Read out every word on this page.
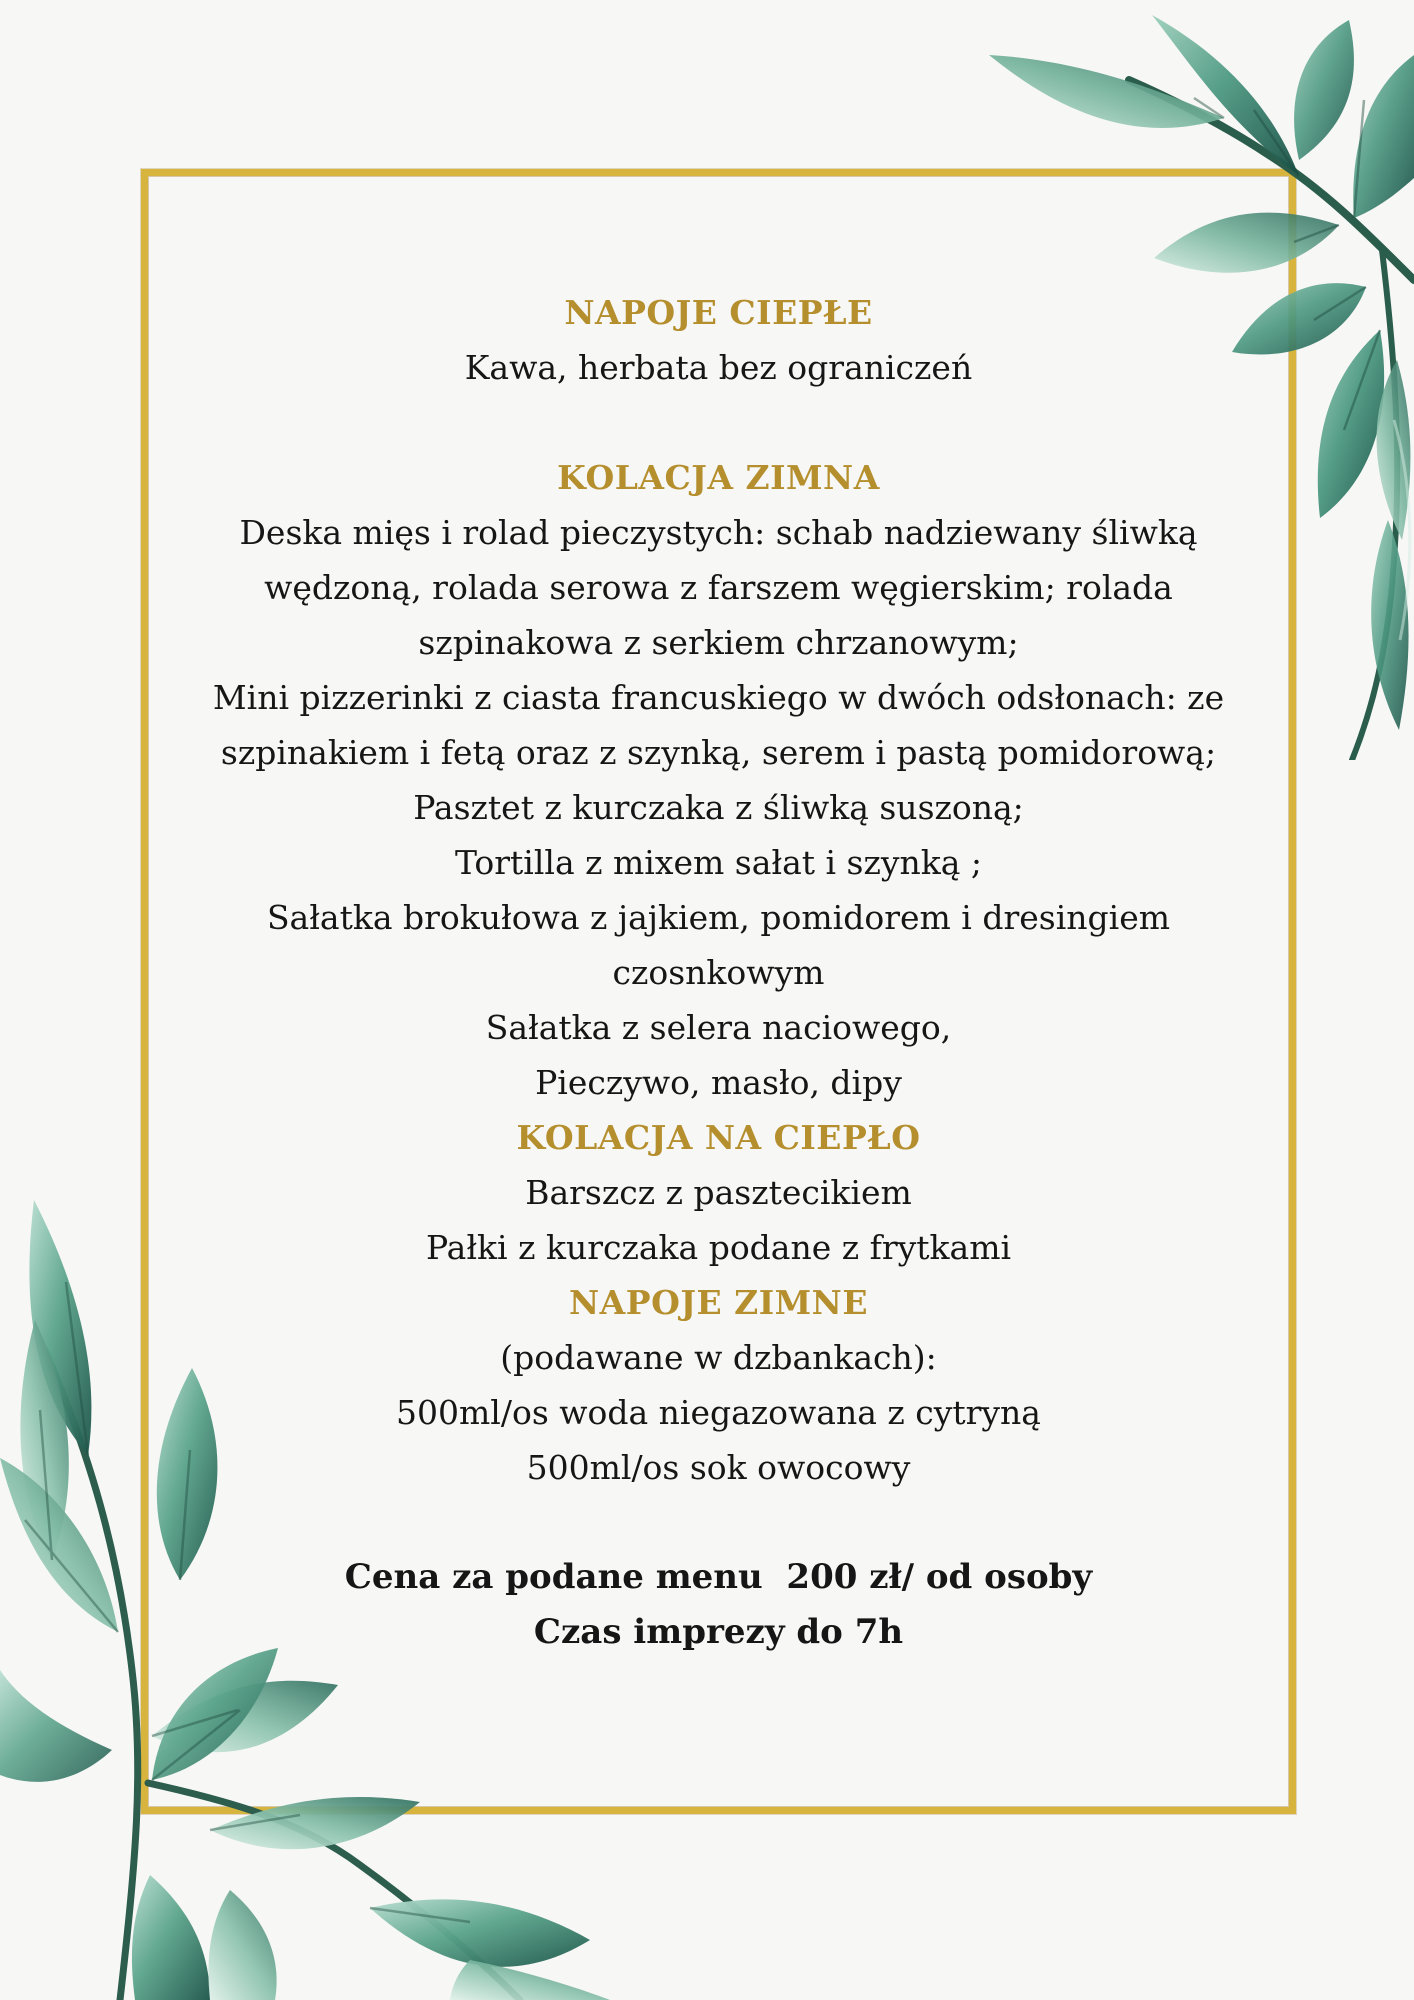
NAPOJE CIEPŁE
Kawa, herbata bez ograniczeń
KOLACJA ZIMNA
Deska mięs i rolad pieczystych: schab nadziewany śliwką
wędzoną, rolada serowa z farszem węgierskim; rolada
szpinakowa z serkiem chrzanowym;
Mini pizzerinki z ciasta francuskiego w dwóch odsłonach: ze
szpinakiem i fetą oraz z szynką, serem i pastą pomidorową;
Pasztet z kurczaka z śliwką suszoną;
Tortilla z mixem sałat i szynką ;
Sałatka brokułowa z jajkiem, pomidorem i dresingiem
czosnkowym
Sałatka z selera naciowego,
Pieczywo, masło, dipy
KOLACJA NA CIEPŁO
Barszcz z pasztecikiem
Pałki z kurczaka podane z frytkami
NAPOJE ZIMNE
(podawane w dzbankach):
500ml/os woda niegazowana z cytryną
500ml/os sok owocowy
Cena za podane menu  200 zł/ od osoby
Czas imprezy do 7h
